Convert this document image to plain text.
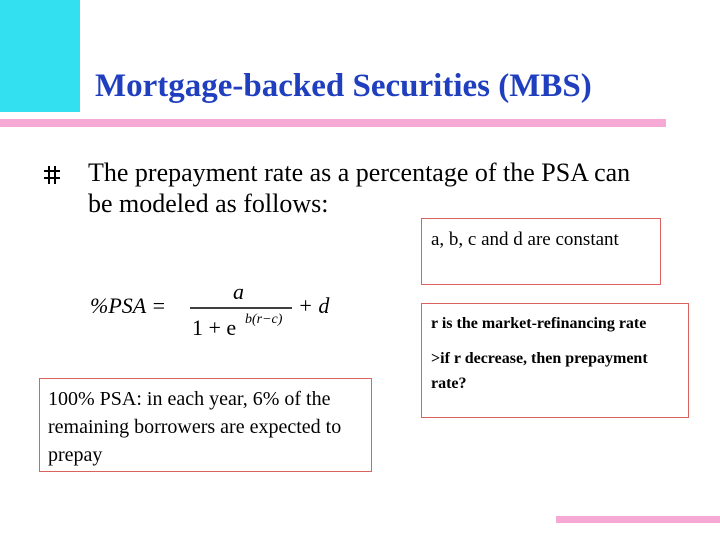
Mortgage-backed Securities (MBS)
The prepayment rate as a percentage of the PSA can be modeled as follows:
%PSA =
a
1 + e b(r−c)
+ d
a, b, c and d are constant
r is the market-refinancing rate
>if r decrease, then prepayment rate?
100% PSA: in each year, 6% of the remaining borrowers are expected to prepay
